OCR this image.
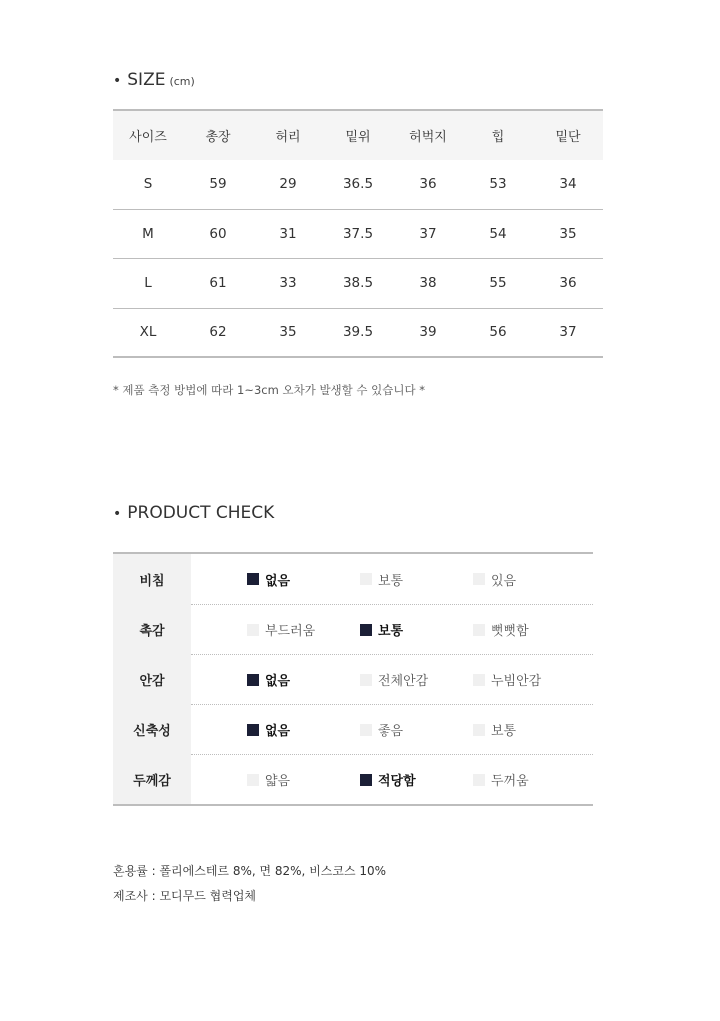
• SIZE (cm)
사이즈	총장	허리	밑위	허벅지	힙	밑단
S	59	29	36.5	36	53	34
M	60	31	37.5	37	54	35
L	61	33	38.5	38	55	36
XL	62	35	39.5	39	56	37
* 제품 측정 방법에 따라 1~3cm 오차가 발생할 수 있습니다 *
• PRODUCT CHECK
비침	없음	보통	있음
촉감	부드러움	보통	뻣뻣함
안감	없음	전체안감	누빔안감
신축성	없음	좋음	보통
두께감	얇음	적당함	두꺼움
혼용률 : 폴리에스테르 8%, 면 82%, 비스코스 10%
제조사 : 모디무드 협력업체
